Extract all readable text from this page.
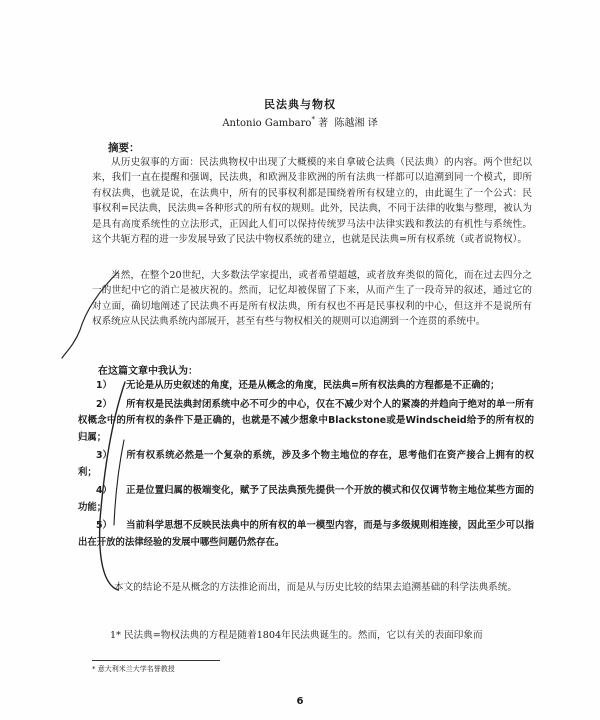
民法典与物权
Antonio Gambaro* 著 陈越湘 译
摘要：
从历史叙事的方面：民法典物权中出现了大概模的来自拿破仑法典（民法典）的内容。两个世纪以来，我们一直在提醒和强调，民法典，和欧洲及非欧洲的所有法典一样都可以追溯到同一个模式，即所有权法典，也就是说，在法典中，所有的民事权利都是围绕着所有权建立的，由此诞生了一个公式：民事权利=民法典，民法典=各种形式的所有权的规则。此外，民法典，不同于法律的收集与整理，被认为是具有高度系统性的立法形式，正因此人们可以保持传统罗马法中法律实践和教法的有机性与系统性。这个共轭方程的进一步发展导致了民法中物权系统的建立，也就是民法典=所有权系统（或者说物权）。
当然，在整个20世纪，大多数法学家提出，或者希望超越，或者放弃类似的简化，而在过去四分之一的世纪中它的消亡是被庆祝的。然而，记忆却被保留了下来，从而产生了一段奇异的叙述，通过它的对立面，确切地阐述了民法典不再是所有权法典，所有权也不再是民事权利的中心，但这并不是说所有权系统应从民法典系统内部展开，甚至有些与物权相关的规则可以追溯到一个连贯的系统中。
在这篇文章中我认为：
1） 无论是从历史叙述的角度，还是从概念的角度，民法典=所有权法典的方程都是不正确的；
2） 所有权是民法典封闭系统中必不可少的中心，仅在不减少对个人的紧凑的并趋向于绝对的单一所有权概念中的所有权的条件下是正确的，也就是不减少想象中Blackstone或是Windscheid给予的所有权的归属；
3） 所有权系统必然是一个复杂的系统，涉及多个物主地位的存在，思考他们在资产接合上拥有的权利；
4） 正是位置归属的极端变化，赋予了民法典预先提供一个开放的模式和仅仅调节物主地位某些方面的功能；
5） 当前科学思想不反映民法典中的所有权的单一模型内容，而是与多级规则相连接，因此至少可以指出在开放的法律经验的发展中哪些问题仍然存在。
本文的结论不是从概念的方法推论而出，而是从与历史比较的结果去追溯基础的科学法典系统。
1* 民法典=物权法典的方程是随着1804年民法典诞生的。然而，它以有关的表面印象而
* 意大利米兰大学名誉教授
6
